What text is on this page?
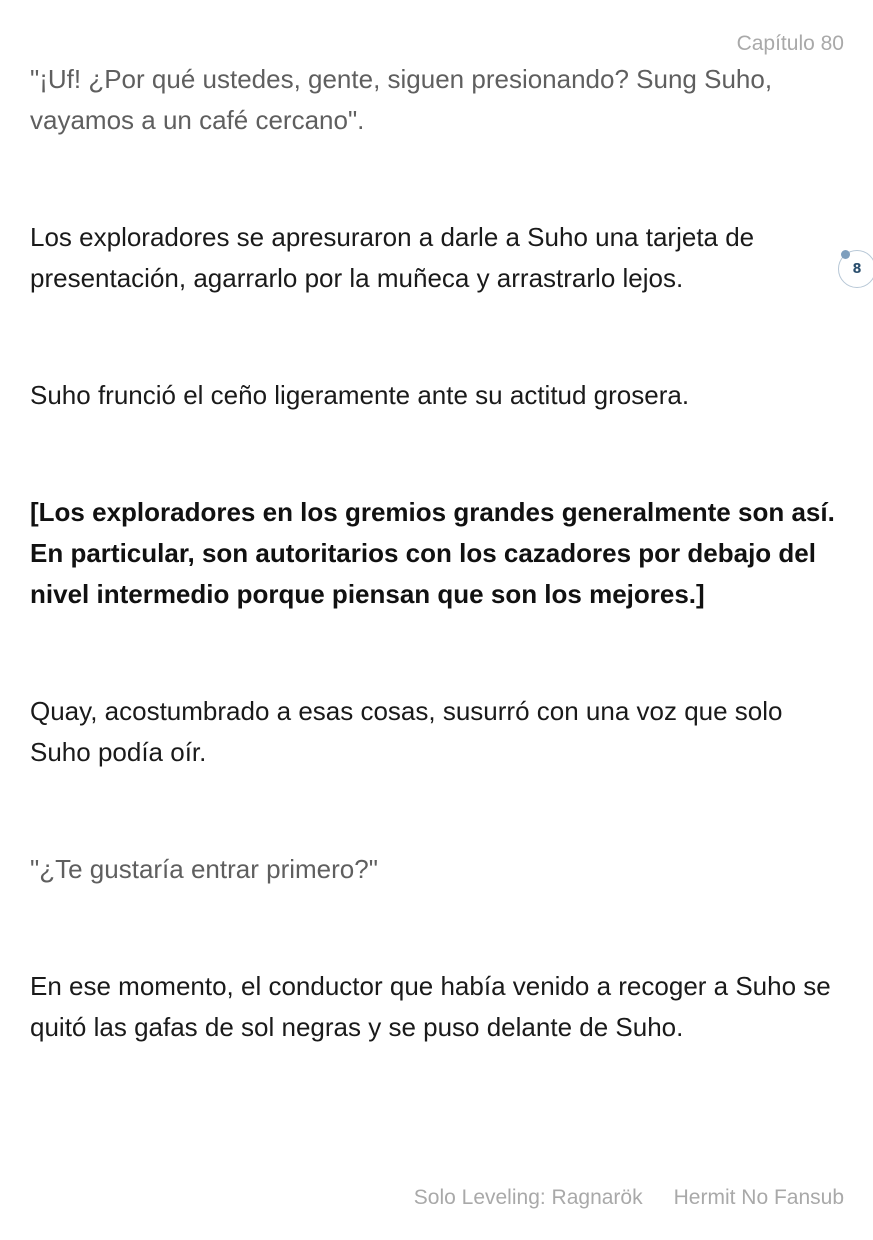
Capítulo 80

"¡Uf! ¿Por qué ustedes, gente, siguen presionando? Sung Suho, vayamos a un café cercano".

Los exploradores se apresuraron a darle a Suho una tarjeta de presentación, agarrarlo por la muñeca y arrastrarlo lejos.

Suho frunció el ceño ligeramente ante su actitud grosera.

[Los exploradores en los gremios grandes generalmente son así. En particular, son autoritarios con los cazadores por debajo del nivel intermedio porque piensan que son los mejores.]

Quay, acostumbrado a esas cosas, susurró con una voz que solo Suho podía oír.

"¿Te gustaría entrar primero?"

En ese momento, el conductor que había venido a recoger a Suho se quitó las gafas de sol negras y se puso delante de Suho.

8
Solo Leveling: Ragnarök Hermit No Fansub
